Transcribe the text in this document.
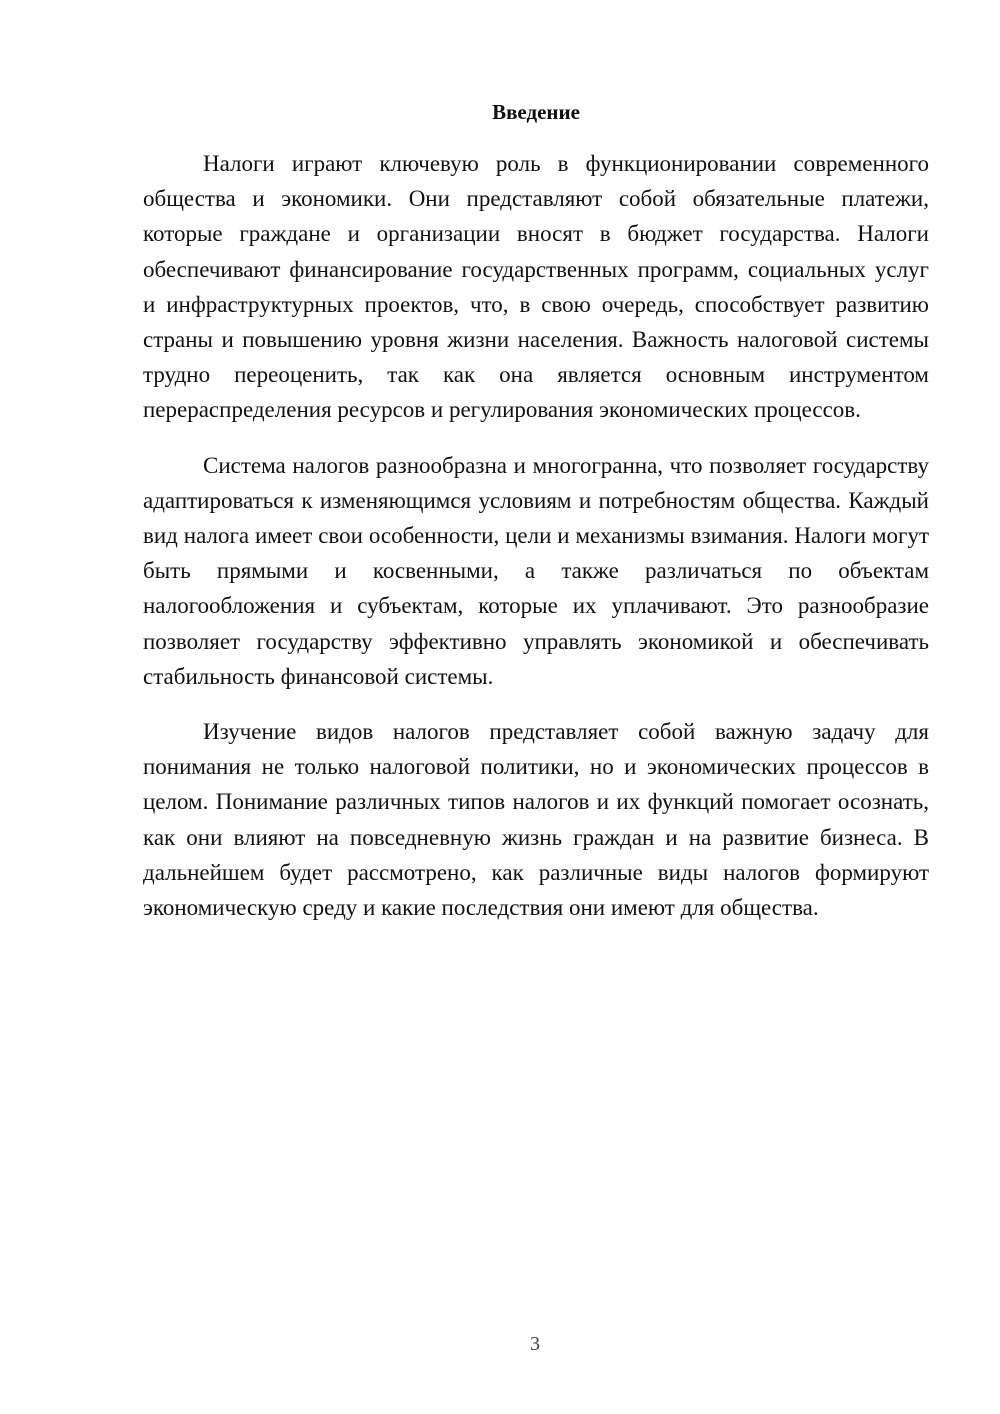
Введение

Налоги играют ключевую роль в функционировании современного общества и экономики. Они представляют собой обязательные платежи, которые граждане и организации вносят в бюджет государства. Налоги обеспечивают финансирование государственных программ, социальных услуг и инфраструктурных проектов, что, в свою очередь, способствует развитию страны и повышению уровня жизни населения. Важность налоговой системы трудно переоценить, так как она является основным инструментом перераспределения ресурсов и регулирования экономических процессов.

Система налогов разнообразна и многогранна, что позволяет государству адаптироваться к изменяющимся условиям и потребностям общества. Каждый вид налога имеет свои особенности, цели и механизмы взимания. Налоги могут быть прямыми и косвенными, а также различаться по объектам налогообложения и субъектам, которые их уплачивают. Это разнообразие позволяет государству эффективно управлять экономикой и обеспечивать стабильность финансовой системы.

Изучение видов налогов представляет собой важную задачу для понимания не только налоговой политики, но и экономических процессов в целом. Понимание различных типов налогов и их функций помогает осознать, как они влияют на повседневную жизнь граждан и на развитие бизнеса. В дальнейшем будет рассмотрено, как различные виды налогов формируют экономическую среду и какие последствия они имеют для общества.

3
